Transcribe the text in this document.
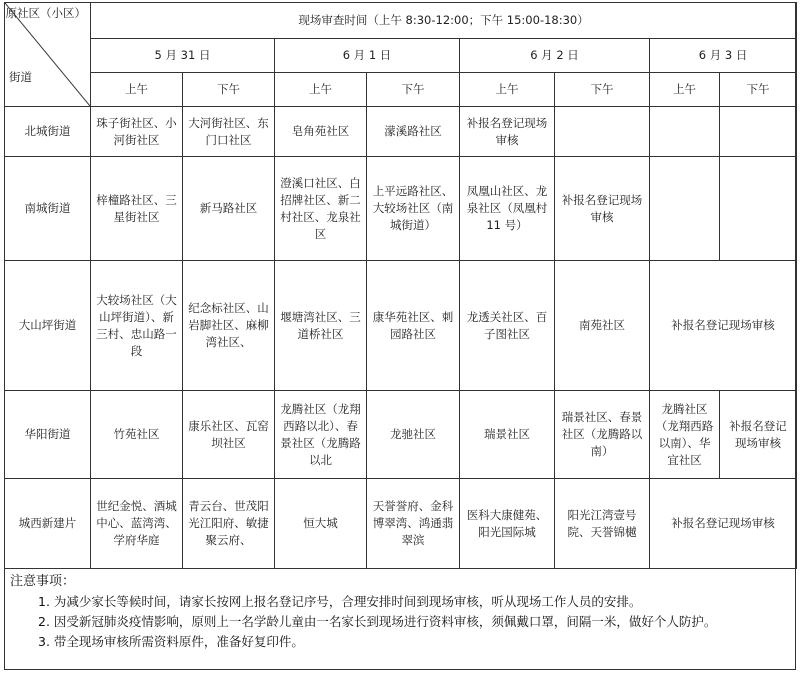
原社区（小区）
街道	现场审查时间（上午 8:30-12:00；下午 15:00-18:30）							
	5 月 31 日		6 月 1 日		6 月 2 日		6 月 3 日	
	上午	下午	上午	下午	上午	下午	上午	下午
北城街道	珠子街社区、小河街社区	大河街社区、东门口社区	皂角苑社区	濛溪路社区	补报名登记现场审核			
南城街道	梓橦路社区、三星街社区	新马路社区	澄溪口社区、白招牌社区、新二村社区、龙泉社区	上平远路社区、大较场社区（南城街道）	凤凰山社区、龙泉社区（凤凰村 11 号）	补报名登记现场审核		
大山坪街道	大较场社区（大山坪街道）、新三村、忠山路一段	纪念标社区、山岩脚社区、麻柳湾社区、	堰塘湾社区、三道桥社区	康华苑社区、刺园路社区	龙透关社区、百子图社区	南苑社区	补报名登记现场审核	
华阳街道	竹苑社区	康乐社区、瓦窑坝社区	龙腾社区（龙翔西路以北）、春景社区（龙腾路以北	龙驰社区	瑞景社区	瑞景社区、春景社区（龙腾路以南）	龙腾社区（龙翔西路以南）、华宜社区	补报名登记现场审核
城西新建片	世纪金悦、酒城中心、蓝湾湾、学府华庭	青云台、世茂阳光江阳府、敏捷聚云府、	恒大城	天誉誉府、金科博翠湾、鸿通翡翠滨	医科大康健苑、阳光国际城	阳光江湾壹号院、天誉锦樾	补报名登记现场审核	
注意事项：
1. 为减少家长等候时间，请家长按网上报名登记序号，合理安排时间到现场审核，听从现场工作人员的安排。
2. 因受新冠肺炎疫情影响，原则上一名学龄儿童由一名家长到现场进行资料审核，须佩戴口罩，间隔一米，做好个人防护。
3. 带全现场审核所需资料原件，准备好复印件。
